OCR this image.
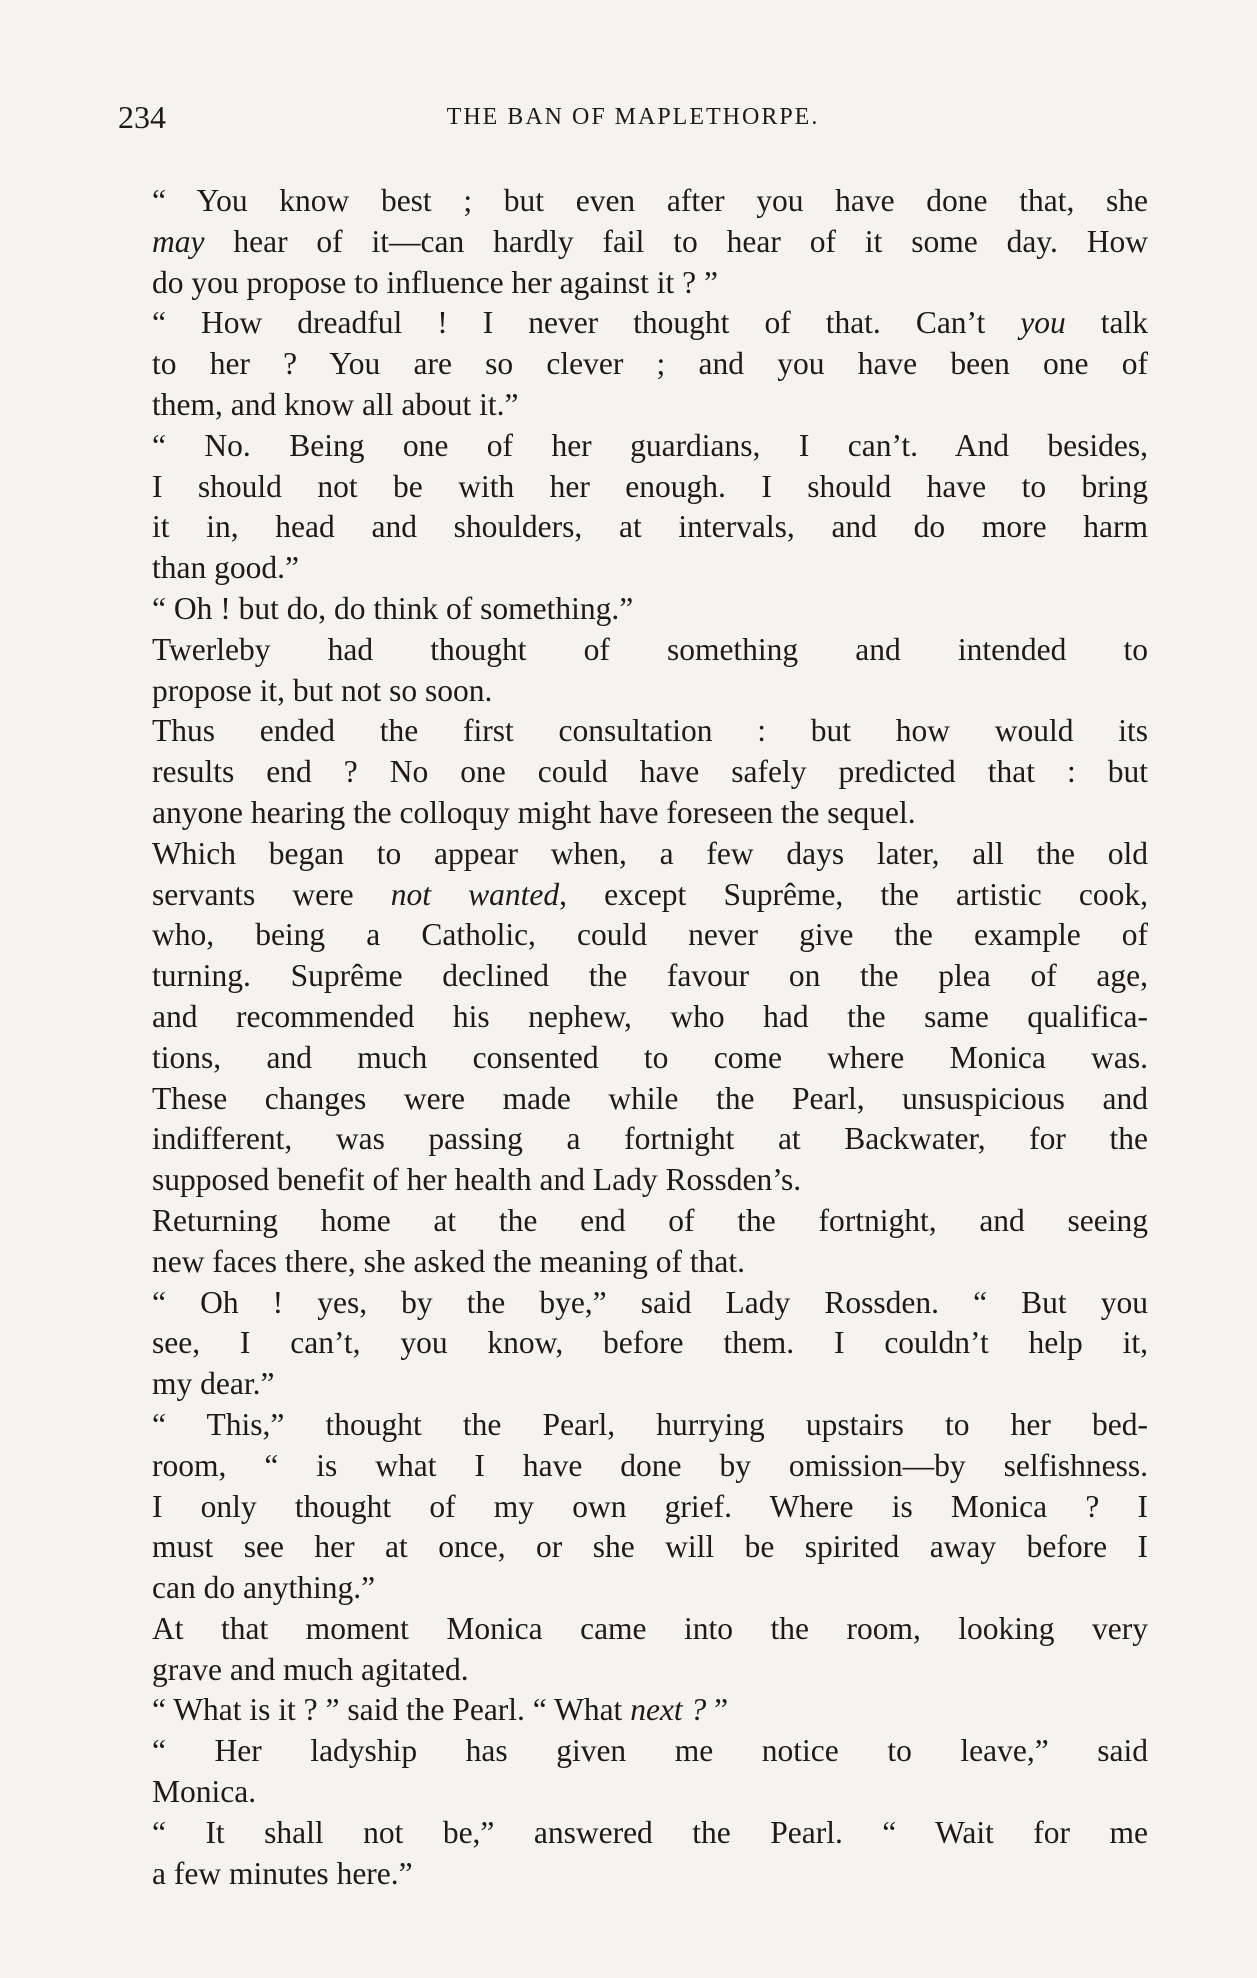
234	THE BAN OF MAPLETHORPE.

“ You know best ; but even after you have done that, she
may hear of it—can hardly fail to hear of it some day. How
do you propose to influence her against it ? ”

“ How dreadful ! I never thought of that. Can’t you talk
to her ? You are so clever ; and you have been one of
them, and know all about it.”

“ No. Being one of her guardians, I can’t. And besides,
I should not be with her enough. I should have to bring
it in, head and shoulders, at intervals, and do more harm
than good.”

“ Oh ! but do, do think of something.”

Twerleby had thought of something and intended to
propose it, but not so soon.

Thus ended the first consultation : but how would its
results end ? No one could have safely predicted that : but
anyone hearing the colloquy might have foreseen the sequel.

Which began to appear when, a few days later, all the old
servants were not wanted, except Suprême, the artistic cook,
who, being a Catholic, could never give the example of
turning. Suprême declined the favour on the plea of age,
and recommended his nephew, who had the same qualifica-
tions, and much consented to come where Monica was.
These changes were made while the Pearl, unsuspicious and
indifferent, was passing a fortnight at Backwater, for the
supposed benefit of her health and Lady Rossden’s.

Returning home at the end of the fortnight, and seeing
new faces there, she asked the meaning of that.

“ Oh ! yes, by the bye,” said Lady Rossden. “ But you
see, I can’t, you know, before them. I couldn’t help it,
my dear.”

“ This,” thought the Pearl, hurrying upstairs to her bed-
room, “ is what I have done by omission—by selfishness.
I only thought of my own grief. Where is Monica ? I
must see her at once, or she will be spirited away before I
can do anything.”

At that moment Monica came into the room, looking very
grave and much agitated.

“ What is it ? ” said the Pearl. “ What next ? ”

“ Her ladyship has given me notice to leave,” said
Monica.

“ It shall not be,” answered the Pearl. “ Wait for me
a few minutes here.”
